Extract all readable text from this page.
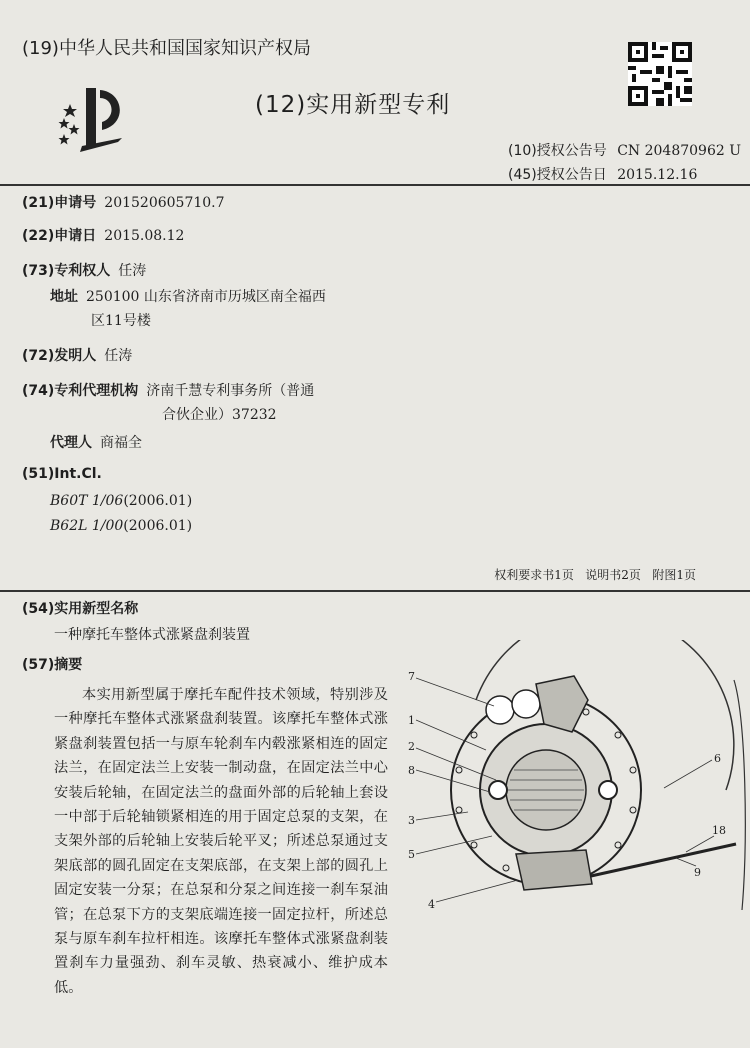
(19)中华人民共和国国家知识产权局
(12)实用新型专利
(10)授权公告号 CN 204870962 U
(45)授权公告日 2015.12.16
(21)申请号 201520605710.7
(22)申请日 2015.08.12
(73)专利权人 任涛
地址 250100 山东省济南市历城区南全福西
区11号楼
(72)发明人 任涛
(74)专利代理机构 济南千慧专利事务所（普通
合伙企业）37232
代理人 商福全
(51)Int.Cl.
B60T 1/06(2006.01)
B62L 1/00(2006.01)
权利要求书1页   说明书2页   附图1页
(54)实用新型名称
一种摩托车整体式涨紧盘刹装置
(57)摘要
本实用新型属于摩托车配件技术领域，特别涉及一种摩托车整体式涨紧盘刹装置。该摩托车整体式涨紧盘刹装置包括一与原车轮刹车内毂涨紧相连的固定法兰，在固定法兰上安装一制动盘，在固定法兰中心安装后轮轴，在固定法兰的盘面外部的后轮轴上套设一中部于后轮轴锁紧相连的用于固定总泵的支架，在支架外部的后轮轴上安装后轮平叉；所述总泵通过支架底部的圆孔固定在支架底部，在支架上部的圆孔上固定安装一分泵；在总泵和分泵之间连接一刹车泵油管；在总泵下方的支架底端连接一固定拉杆，所述总泵与原车刹车拉杆相连。该摩托车整体式涨紧盘刹装置刹车力量强劲、刹车灵敏、热衰减小、维护成本低。
7
1
2
8
3
5
4
6
18
9
